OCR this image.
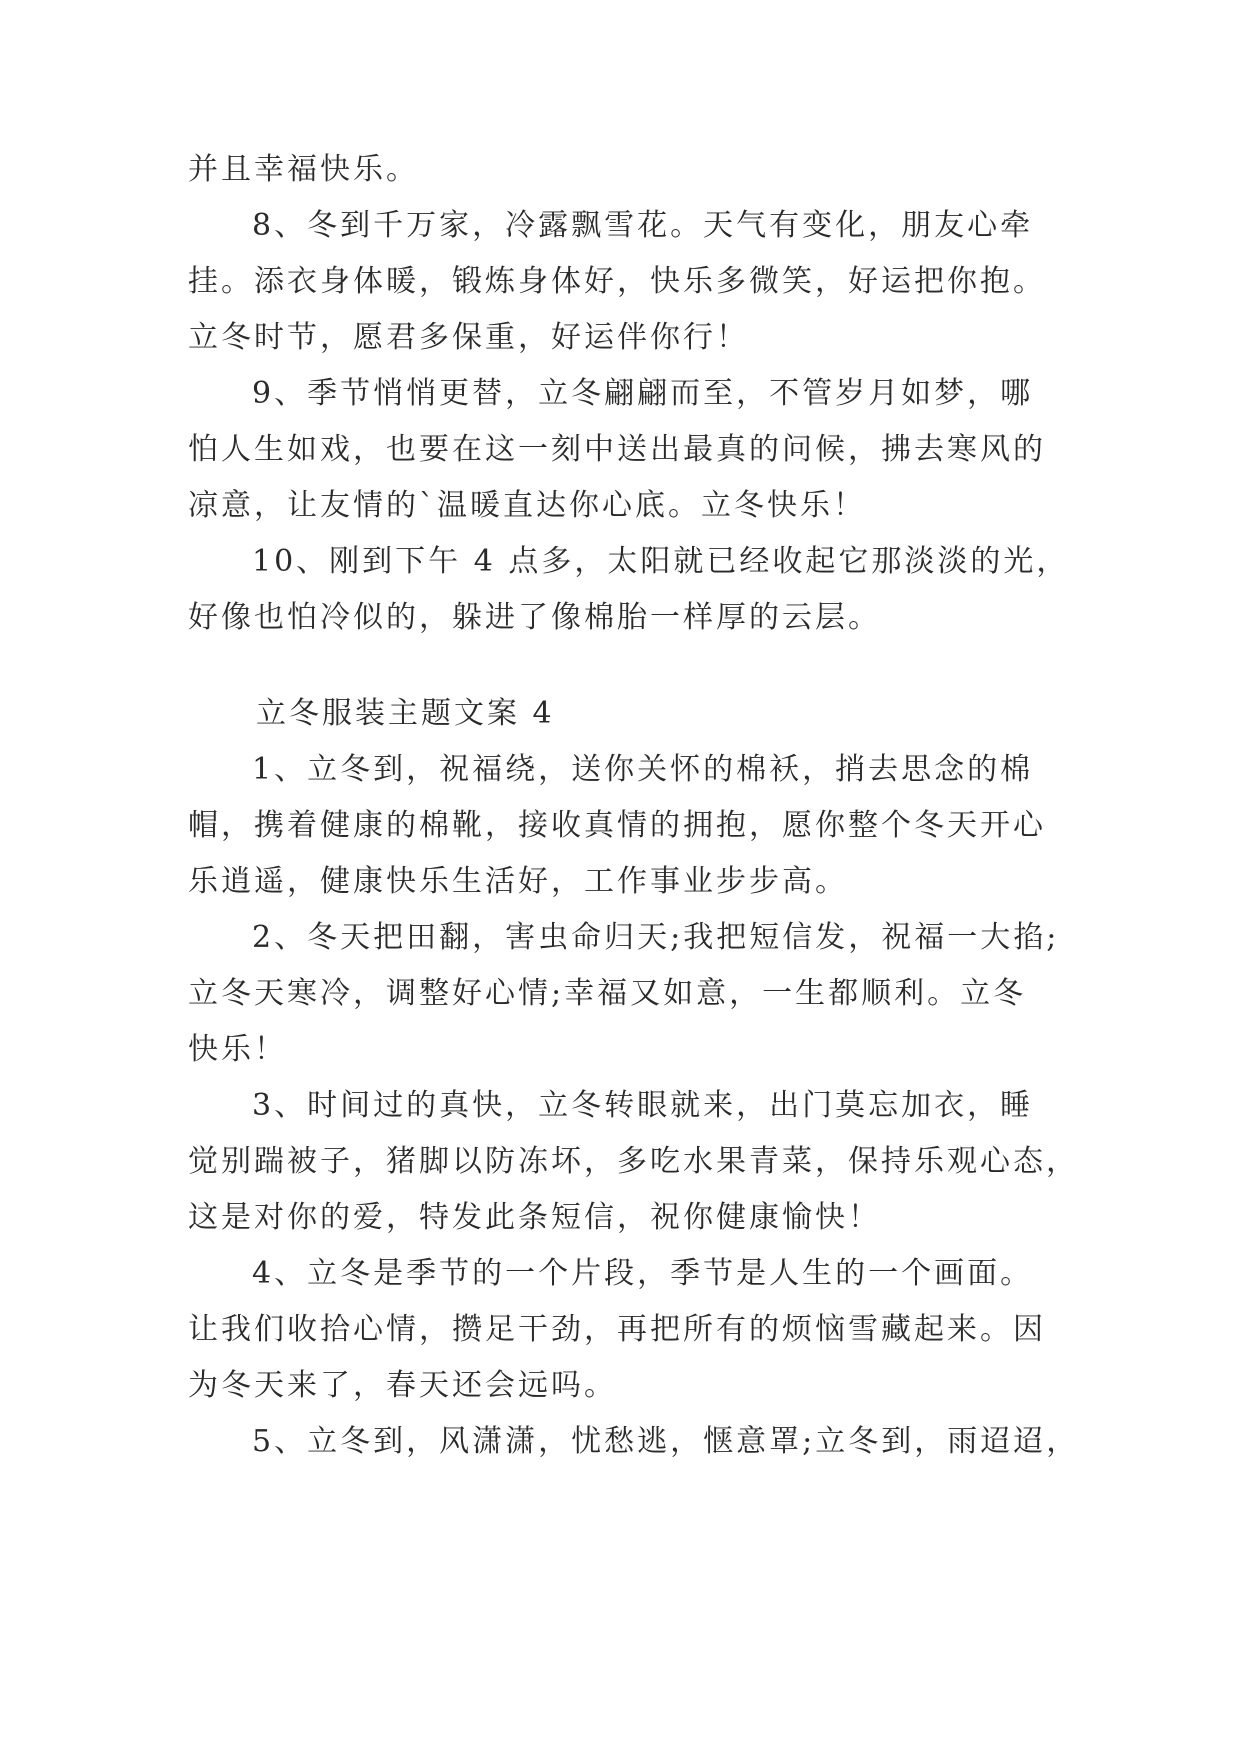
并且幸福快乐。
8、冬到千万家，冷露飘雪花。天气有变化，朋友心牵
挂。添衣身体暖，锻炼身体好，快乐多微笑，好运把你抱。
立冬时节，愿君多保重，好运伴你行！
9、季节悄悄更替，立冬翩翩而至，不管岁月如梦，哪
怕人生如戏，也要在这一刻中送出最真的问候，拂去寒风的
凉意，让友情的`温暖直达你心底。立冬快乐！
10、刚到下午 4 点多，太阳就已经收起它那淡淡的光，
好像也怕冷似的，躲进了像棉胎一样厚的云层。
立冬服装主题文案 4
1、立冬到，祝福绕，送你关怀的棉袄，捎去思念的棉
帽，携着健康的棉靴，接收真情的拥抱，愿你整个冬天开心
乐逍遥，健康快乐生活好，工作事业步步高。
2、冬天把田翻，害虫命归天;我把短信发，祝福一大掐;
立冬天寒冷，调整好心情;幸福又如意，一生都顺利。立冬
快乐！
3、时间过的真快，立冬转眼就来，出门莫忘加衣，睡
觉别踹被子，猪脚以防冻坏，多吃水果青菜，保持乐观心态，
这是对你的爱，特发此条短信，祝你健康愉快！
4、立冬是季节的一个片段，季节是人生的一个画面。
让我们收拾心情，攒足干劲，再把所有的烦恼雪藏起来。因
为冬天来了，春天还会远吗。
5、立冬到，风潇潇，忧愁逃，惬意罩;立冬到，雨迢迢，
